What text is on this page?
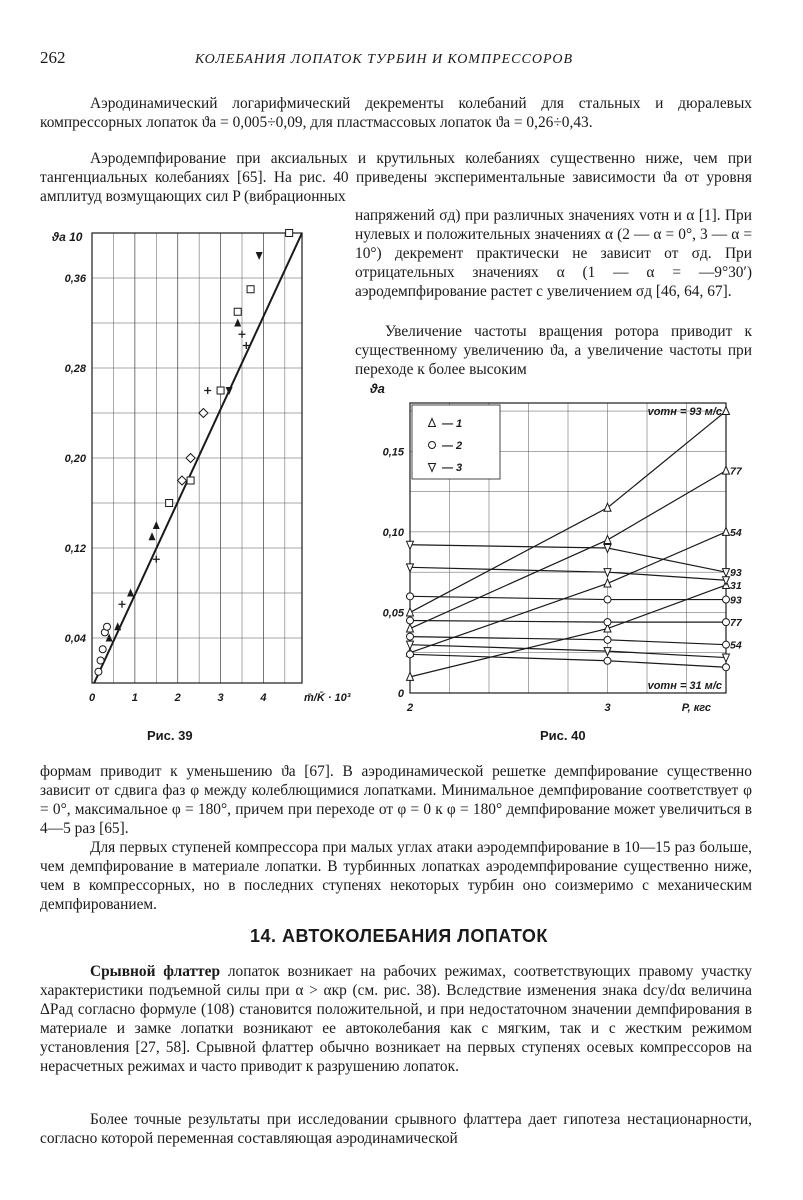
262	КОЛЕБАНИЯ ЛОПАТОК ТУРБИН И КОМПРЕССОРОВ
Аэродинамический логарифмический декременты колебаний для стальных и дюралевых компрессорных лопаток ϑa = 0,005÷0,09, для пластмассовых лопаток ϑa = 0,26÷0,43.
Аэродемпфирование при аксиальных и крутильных колебаниях существенно ниже, чем при тангенциальных колебаниях [65]. На рис. 40 приведены экспериментальные зависимости ϑa от уровня амплитуд возмущающих сил P (вибрационных
напряжений σд) при различных значениях vотн и α [1]. При нулевых и положительных значениях α (2 — α = 0°, 3 — α = 10°) декремент практически не зависит от σд. При отрицательных значениях α (1 — α = —9°30′) аэродемпфирование растет с увеличением σд [46, 64, 67].
Увеличение частоты вращения ротора приводит к существенному увеличению ϑa, а увеличение частоты при переходе к более высоким
0,04
0,12
0,20
0,28
0,36
0	1	2	3	4
ϑa 10
m̄/K̄ · 10³
Рис. 39
— 1
— 2
— 3
0
0,05
0,10
0,15
2	3
ϑa
P, кгс
vотн = 93 м/с
vотн = 31 м/с
77
54
31
93
93
77
54
Рис. 40
формам приводит к уменьшению ϑa [67]. В аэродинамической решетке демпфирование существенно зависит от сдвига фаз φ между колеблющимися лопатками. Минимальное демпфирование соответствует φ = 0°, максимальное φ = 180°, причем при переходе от φ = 0 к φ = 180° демпфирование может увеличиться в 4—5 раз [65].
Для первых ступеней компрессора при малых углах атаки аэродемпфирование в 10—15 раз больше, чем демпфирование в материале лопатки. В турбинных лопатках аэродемпфирование существенно ниже, чем в компрессорных, но в последних ступенях некоторых турбин оно соизмеримо с механическим демпфированием.
14. АВТОКОЛЕБАНИЯ ЛОПАТОК
Срывной флаттер лопаток возникает на рабочих режимах, соответствующих правому участку характеристики подъемной силы при α > αкр (см. рис. 38). Вследствие изменения знака dcy/dα величина ΔPад согласно формуле (108) становится положительной, и при недостаточном значении демпфирования в материале и замке лопатки возникают ее автоколебания как с мягким, так и с жестким режимом установления [27, 58]. Срывной флаттер обычно возникает на первых ступенях осевых компрессоров на нерасчетных режимах и часто приводит к разрушению лопаток.
Более точные результаты при исследовании срывного флаттера дает гипотеза нестационарности, согласно которой переменная составляющая аэродинамической
